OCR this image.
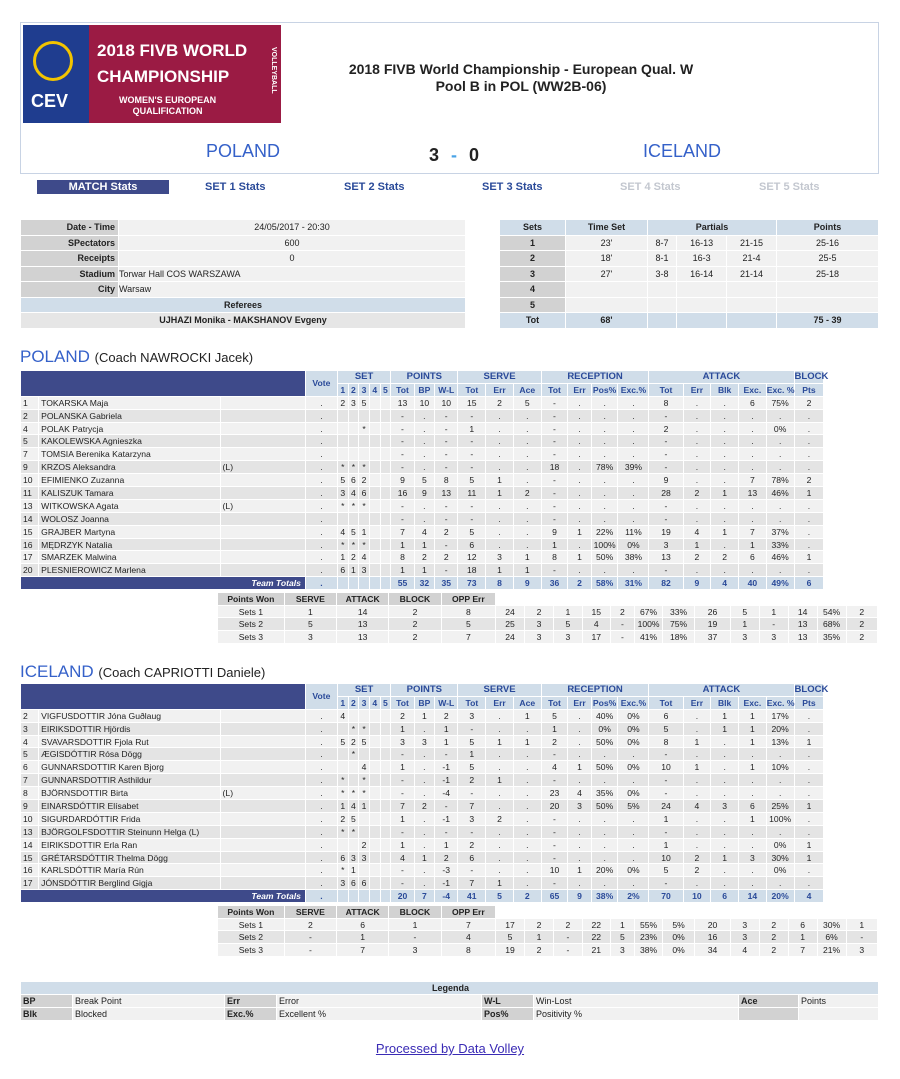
CEV
2018 FIVB WORLD
CHAMPIONSHIP
WOMEN'S EUROPEAN
QUALIFICATION
VOLLEYBALL	2018 FIVB World Championship - European Qual. W
Pool B in POL (WW2B-06)
POLAND	3 - 0	ICELAND
MATCH Stats	SET 1 Stats	SET 2 Stats	SET 3 Stats	SET 4 Stats	SET 5 Stats
Date - Time	24/05/2017 - 20:30
SPectators	600
Receipts	0
Stadium	Torwar Hall COS WARSZAWA
City	Warsaw
Referees	
UJHAZI Monika - MAKSHANOV Evgeny	
Sets	Time Set	Partials			Points
1	23'	8-7	16-13	21-15	25-16
2	18'	8-1	16-3	21-4	25-5
3	27'	3-8	16-14	21-14	25-18
4					
5					
Tot	68'				75 - 39
POLAND (Coach NAWROCKI Jacek)
			Vote	SET					POINTS			SERVE			RECEPTION				ATTACK					BLOCK
				1	2	3	4	5	Tot	BP	W-L	Tot	Err	Ace	Tot	Err	Pos%	Exc.%	Tot	Err	Blk	Exc.	Exc. %	Pts
1	TOKARSKA Maja		.	2	3	5			13	10	10	15	2	5	-	.	.	.	8	.	.	6	75%	2
2	POLANSKA Gabriela		.						-	.	-	-	.	.	-	.	.	.	-	.	.	.	.	.
4	POLAK Patrycja		.			*			-	.	-	1	.	.	-	.	.	.	2	.	.	.	0%	.
5	KAKOLEWSKA Agnieszka		.						-	.	-	-	.	.	-	.	.	.	-	.	.	.	.	.
7	TOMSIA Berenika Katarzyna		.						-	.	-	-	.	.	-	.	.	.	-	.	.	.	.	.
9	KRZOS Aleksandra	(L)	.	*	*	*			-	.	-	-	.	.	18	.	78%	39%	-	.	.	.	.	.
10	EFIMIENKO Zuzanna		.	5	6	2			9	5	8	5	1	.	-	.	.	.	9	.	.	7	78%	2
11	KALISZUK Tamara		.	3	4	6			16	9	13	11	1	2	-	.	.	.	28	2	1	13	46%	1
13	WITKOWSKA Agata	(L)	.	*	*	*			-	.	-	-	.	.	-	.	.	.	-	.	.	.	.	.
14	WOLOSZ Joanna		.						-	.	-	-	.	.	-	.	.	.	-	.	.	.	.	.
15	GRAJBER Martyna		.	4	5	1			7	4	2	5	.	.	9	1	22%	11%	19	4	1	7	37%	.
16	MĘDRZYK Natalia		.	*	*	*			1	1	-	6	.	.	1	.	100%	0%	3	1	.	1	33%	.
17	SMARZEK Malwina		.	1	2	4			8	2	2	12	3	1	8	1	50%	38%	13	2	2	6	46%	1
20	PLESNIEROWICZ Marlena		.	6	1	3			1	1	-	18	1	1	-	.	.	.	-	.	.	.	.	.
Team Totals			.						55	32	35	73	8	9	36	2	58%	31%	82	9	4	40	49%	6
Points Won	SERVE	ATTACK	BLOCK	OPP Err													
Sets 1	1	14	2	8	24	2	1	15	2	67%	33%	26	5	1	14	54%	2
Sets 2	5	13	2	5	25	3	5	4	-	100%	75%	19	1	-	13	68%	2
Sets 3	3	13	2	7	24	3	3	17	-	41%	18%	37	3	3	13	35%	2
ICELAND (Coach CAPRIOTTI Daniele)
			Vote	SET					POINTS			SERVE			RECEPTION				ATTACK					BLOCK
				1	2	3	4	5	Tot	BP	W-L	Tot	Err	Ace	Tot	Err	Pos%	Exc.%	Tot	Err	Blk	Exc.	Exc. %	Pts
2	VIGFUSDOTTIR Jóna Guðlaug		.	4					2	1	2	3	.	1	5	.	40%	0%	6	.	1	1	17%	.
3	EIRIKSDOTTIR Hjördis		.		*	*			1	.	1	-	.	.	1	.	0%	0%	5	.	1	1	20%	.
4	SVAVARSDOTTIR Fjola Rut		.	5	2	5			3	3	1	5	1	1	2	.	50%	0%	8	1	.	1	13%	1
5	ÆGISDÓTTIR Rósa Dögg		.		*				-	.	-	1	.	.	-	.	.	.	-	.	.	.	.	.
6	GUNNARSDOTTIR Karen Bjorg		.			4			1	.	-1	5	.	.	4	1	50%	0%	10	1	.	1	10%	.
7	GUNNARSDOTTIR Asthildur		.	*		*			-	.	-1	2	1	.	-	.	.	.	-	.	.	.	.	.
8	BJÖRNSDOTTIR Birta	(L)	.	*	*	*			-	.	-4	-	.	.	23	4	35%	0%	-	.	.	.	.	.
9	EINARSDÓTTIR Elísabet		.	1	4	1			7	2	-	7	.	.	20	3	50%	5%	24	4	3	6	25%	1
10	SIGURDARDÓTTIR Frida		.	2	5				1	.	-1	3	2	.	-	.	.	.	1	.	.	1	100%	.
13	BJÖRGOLFSDOTTIR Steinunn Helga (L)		.	*	*				-	.	-	-	.	.	-	.	.	.	-	.	.	.	.	.
14	EIRIKSDOTTIR Erla Ran		.			2			1	.	1	2	.	.	-	.	.	.	1	.	.	.	0%	1
15	GRÉTARSDÓTTIR Thelma Dögg		.	6	3	3			4	1	2	6	.	.	-	.	.	.	10	2	1	3	30%	1
16	KARLSDÓTTIR María Rún		.	*	1				-	.	-3	-	.	.	10	1	20%	0%	5	2	.	.	0%	.
17	JÓNSDÓTTIR Berglind Gigja		.	3	6	6			-	.	-1	7	1	.	-	.	.	.	-	.	.	.	.	.
Team Totals			.						20	7	-4	41	5	2	65	9	38%	2%	70	10	6	14	20%	4
Points Won	SERVE	ATTACK	BLOCK	OPP Err													
Sets 1	2	6	1	7	17	2	2	22	1	55%	5%	20	3	2	6	30%	1
Sets 2	-	1	-	4	5	1	-	22	5	23%	0%	16	3	2	1	6%	-
Sets 3	-	7	3	8	19	2	-	21	3	38%	0%	34	4	2	7	21%	3
Legenda							
BP	Break Point	Err	Error	W-L	Win-Lost	Ace	Points
Blk	Blocked	Exc.%	Excellent %	Pos%	Positivity %		
Processed by Data Volley
